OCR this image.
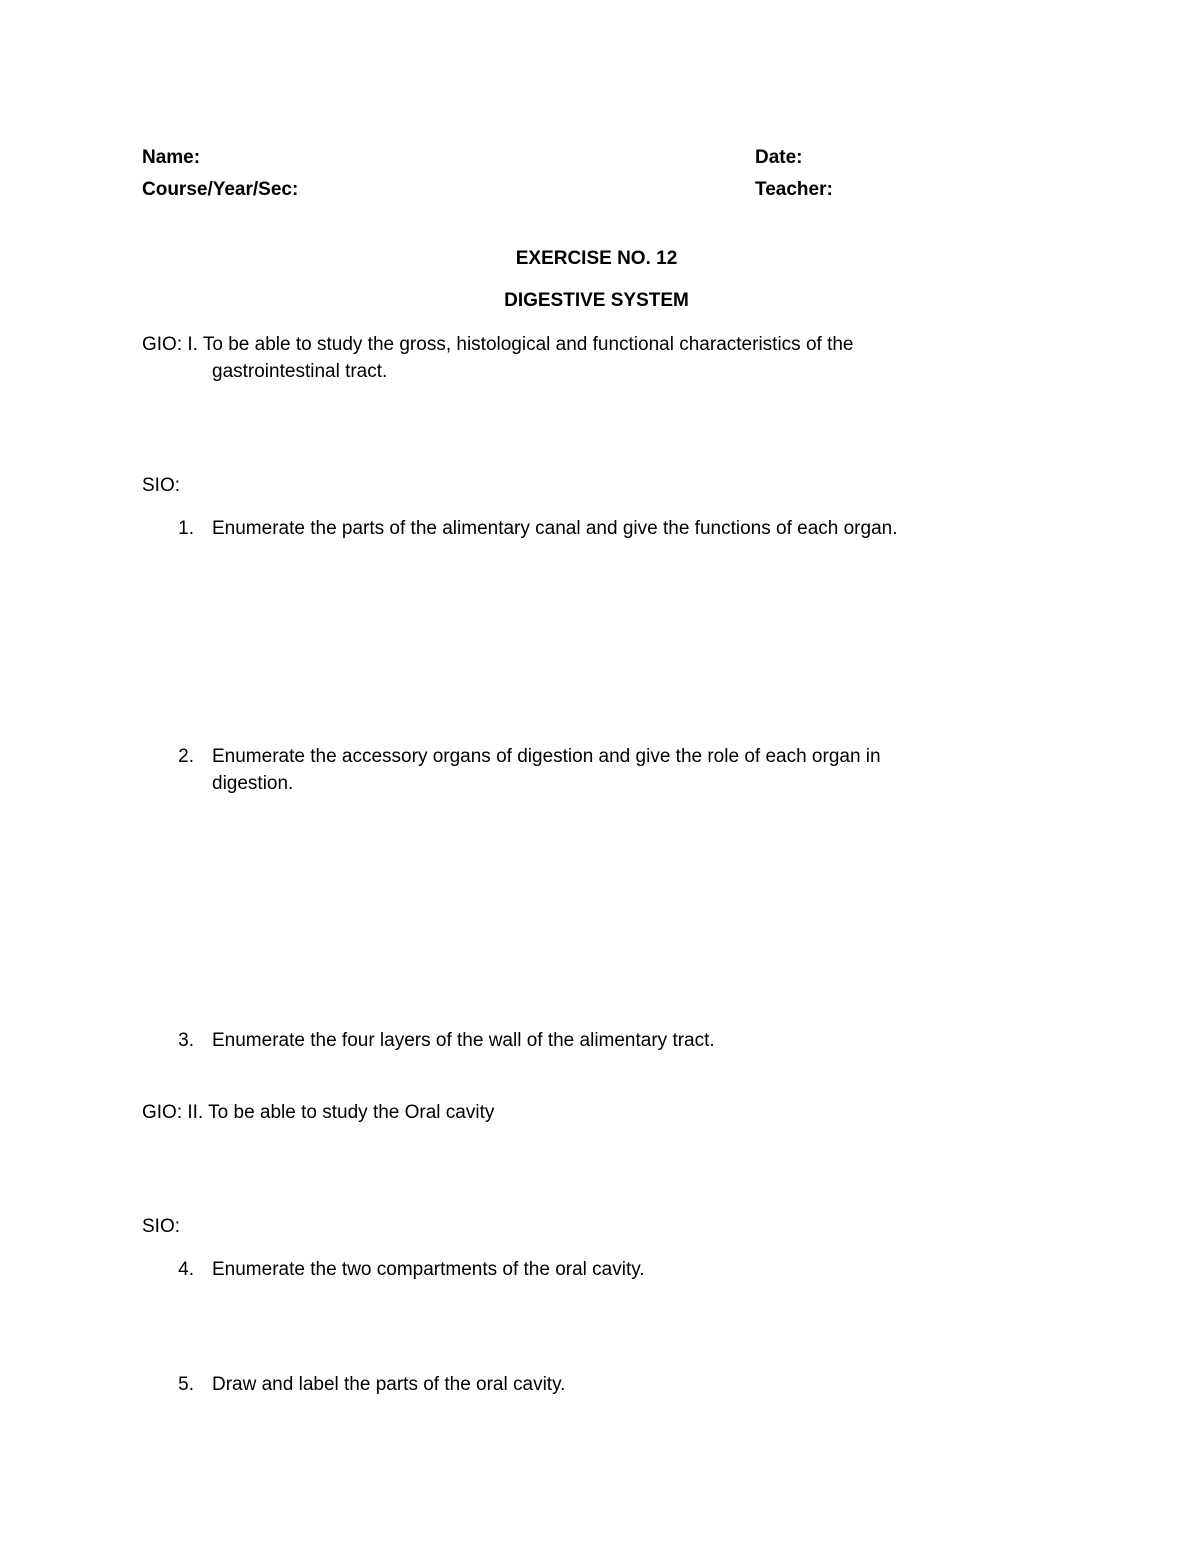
Name:	Date:
Course/Year/Sec:	Teacher:
EXERCISE NO. 12
DIGESTIVE SYSTEM
GIO: I. To be able to study the gross, histological and functional characteristics of the
gastrointestinal tract.
SIO:
1. Enumerate the parts of the alimentary canal and give the functions of each organ.
2. Enumerate the accessory organs of digestion and give the role of each organ in
digestion.
3. Enumerate the four layers of the wall of the alimentary tract.
GIO: II. To be able to study the Oral cavity
SIO:
4. Enumerate the two compartments of the oral cavity.
5. Draw and label the parts of the oral cavity.
